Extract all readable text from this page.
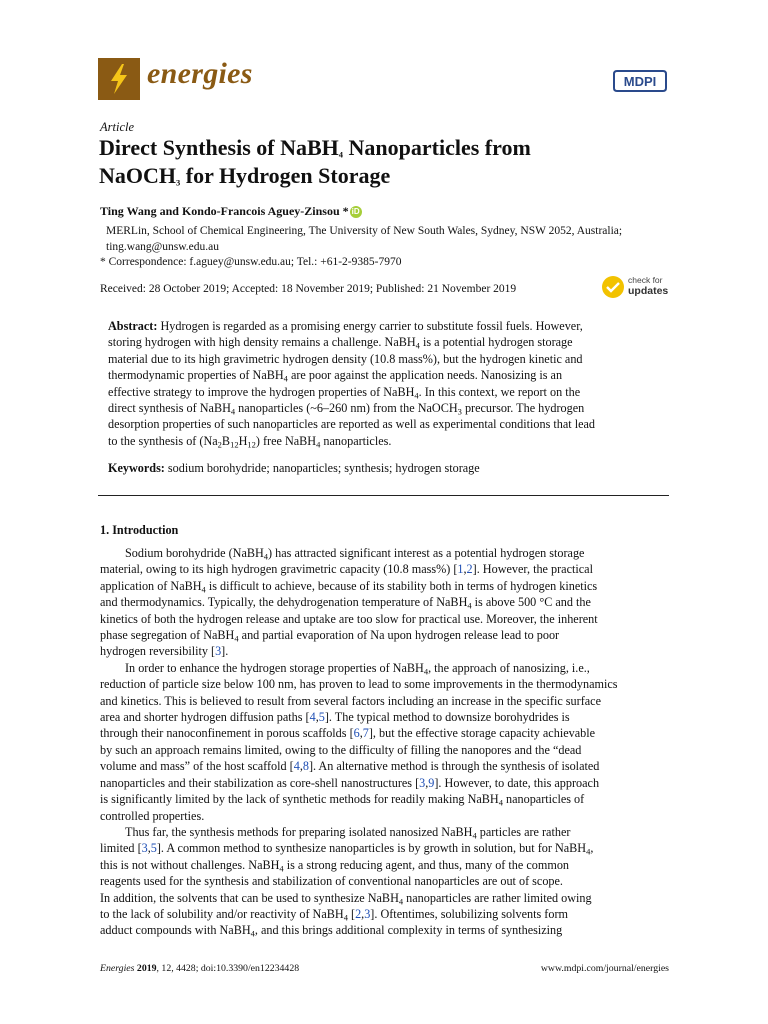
energies	MDPI
Article
Direct Synthesis of NaBH$_4$ Nanoparticles from
NaOCH$_3$ for Hydrogen Storage
Ting Wang and Kondo-Francois Aguey-Zinsou * iD
MERLin, School of Chemical Engineering, The University of New South Wales, Sydney, NSW 2052, Australia;
ting.wang@unsw.edu.au
* Correspondence: f.aguey@unsw.edu.au; Tel.: +61-2-9385-7970
Received: 28 October 2019; Accepted: 18 November 2019; Published: 21 November 2019
check for
updates
Abstract: Hydrogen is regarded as a promising energy carrier to substitute fossil fuels. However,
storing hydrogen with high density remains a challenge. NaBH$_4$ is a potential hydrogen storage
material due to its high gravimetric hydrogen density (10.8 mass%), but the hydrogen kinetic and
thermodynamic properties of NaBH$_4$ are poor against the application needs. Nanosizing is an
effective strategy to improve the hydrogen properties of NaBH$_4$. In this context, we report on the
direct synthesis of NaBH$_4$ nanoparticles (~6–260 nm) from the NaOCH$_3$ precursor. The hydrogen
desorption properties of such nanoparticles are reported as well as experimental conditions that lead
to the synthesis of $(Na_2B_{12}H_{12})$ free NaBH$_4$ nanoparticles.
Keywords: sodium borohydride; nanoparticles; synthesis; hydrogen storage
1. Introduction
Sodium borohydride (NaBH$_4$) has attracted significant interest as a potential hydrogen storage
material, owing to its high hydrogen gravimetric capacity (10.8 mass%) [1,2]. However, the practical
application of NaBH$_4$ is difficult to achieve, because of its stability both in terms of hydrogen kinetics
and thermodynamics. Typically, the dehydrogenation temperature of NaBH$_4$ is above 500 °C and the
kinetics of both the hydrogen release and uptake are too slow for practical use. Moreover, the inherent
phase segregation of NaBH$_4$ and partial evaporation of Na upon hydrogen release lead to poor
hydrogen reversibility [3].
In order to enhance the hydrogen storage properties of NaBH$_4$, the approach of nanosizing, i.e.,
reduction of particle size below 100 nm, has proven to lead to some improvements in the thermodynamics
and kinetics. This is believed to result from several factors including an increase in the specific surface
area and shorter hydrogen diffusion paths [4,5]. The typical method to downsize borohydrides is
through their nanoconfinement in porous scaffolds [6,7], but the effective storage capacity achievable
by such an approach remains limited, owing to the difficulty of filling the nanopores and the “dead
volume and mass” of the host scaffold [4,8]. An alternative method is through the synthesis of isolated
nanoparticles and their stabilization as core-shell nanostructures [3,9]. However, to date, this approach
is significantly limited by the lack of synthetic methods for readily making NaBH$_4$ nanoparticles of
controlled properties.
Thus far, the synthesis methods for preparing isolated nanosized NaBH$_4$ particles are rather
limited [3,5]. A common method to synthesize nanoparticles is by growth in solution, but for NaBH$_4$,
this is not without challenges. NaBH$_4$ is a strong reducing agent, and thus, many of the common
reagents used for the synthesis and stabilization of conventional nanoparticles are out of scope.
In addition, the solvents that can be used to synthesize NaBH$_4$ nanoparticles are rather limited owing
to the lack of solubility and/or reactivity of NaBH$_4$ [2,3]. Oftentimes, solubilizing solvents form
adduct compounds with NaBH$_4$, and this brings additional complexity in terms of synthesizing
Energies 2019, 12, 4428; doi:10.3390/en12234428	www.mdpi.com/journal/energies
